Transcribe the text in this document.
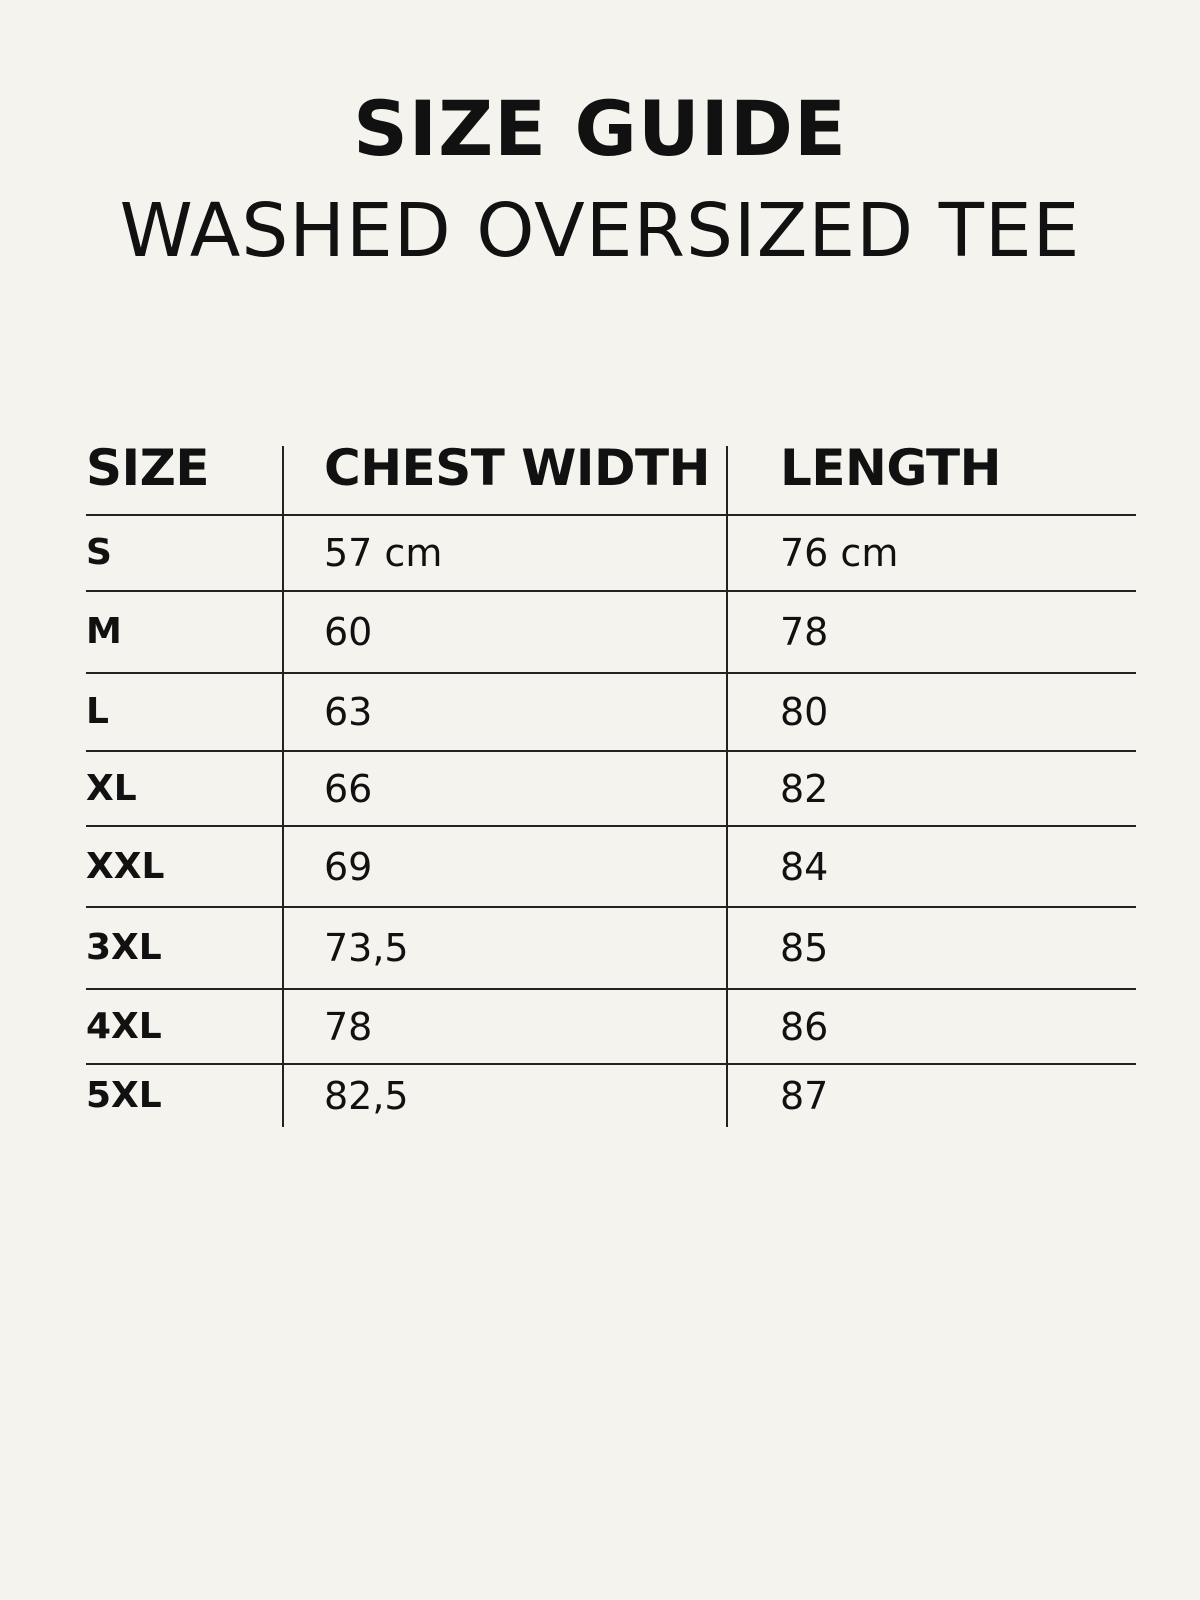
SIZE GUIDE
WASHED OVERSIZED TEE
SIZE	CHEST WIDTH	LENGTH
S	57 cm	76 cm
M	60	78
L	63	80
XL	66	82
XXL	69	84
3XL	73,5	85
4XL	78	86
5XL	82,5	87
